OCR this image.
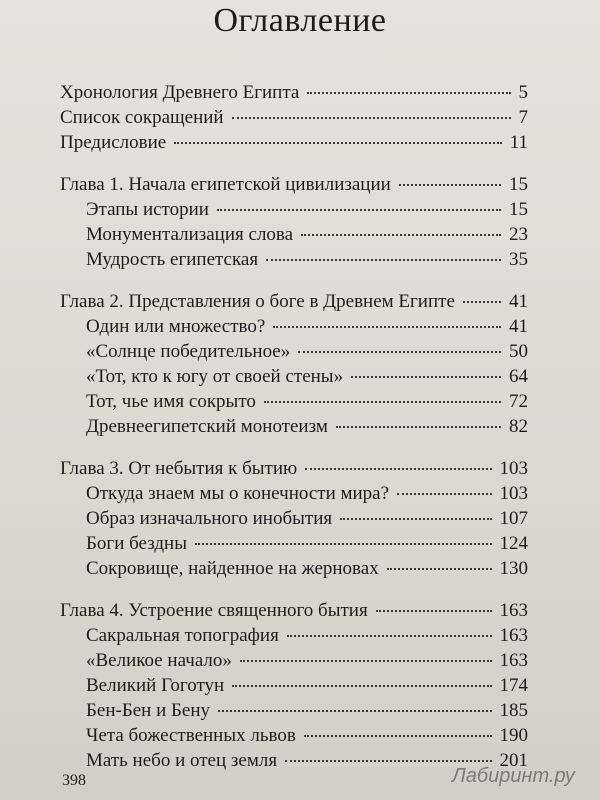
Оглавление
Хронология Древнего Египта	5
Список сокращений	7
Предисловие	11
Глава 1. Начала египетской цивилизации	15
Этапы истории	15
Монументализация слова	23
Мудрость египетская	35
Глава 2. Представления о боге в Древнем Египте	41
Один или множество?	41
«Солнце победительное»	50
«Тот, кто к югу от своей стены»	64
Тот, чье имя сокрыто	72
Древнеегипетский монотеизм	82
Глава 3. От небытия к бытию	103
Откуда знаем мы о конечности мира?	103
Образ изначального инобытия	107
Боги бездны	124
Сокровище, найденное на жерновах	130
Глава 4. Устроение священного бытия	163
Сакральная топография	163
«Великое начало»	163
Великий Гоготун	174
Бен-Бен и Бену	185
Чета божественных львов	190
Мать небо и отец земля	201
398	Лабиринт.ру
